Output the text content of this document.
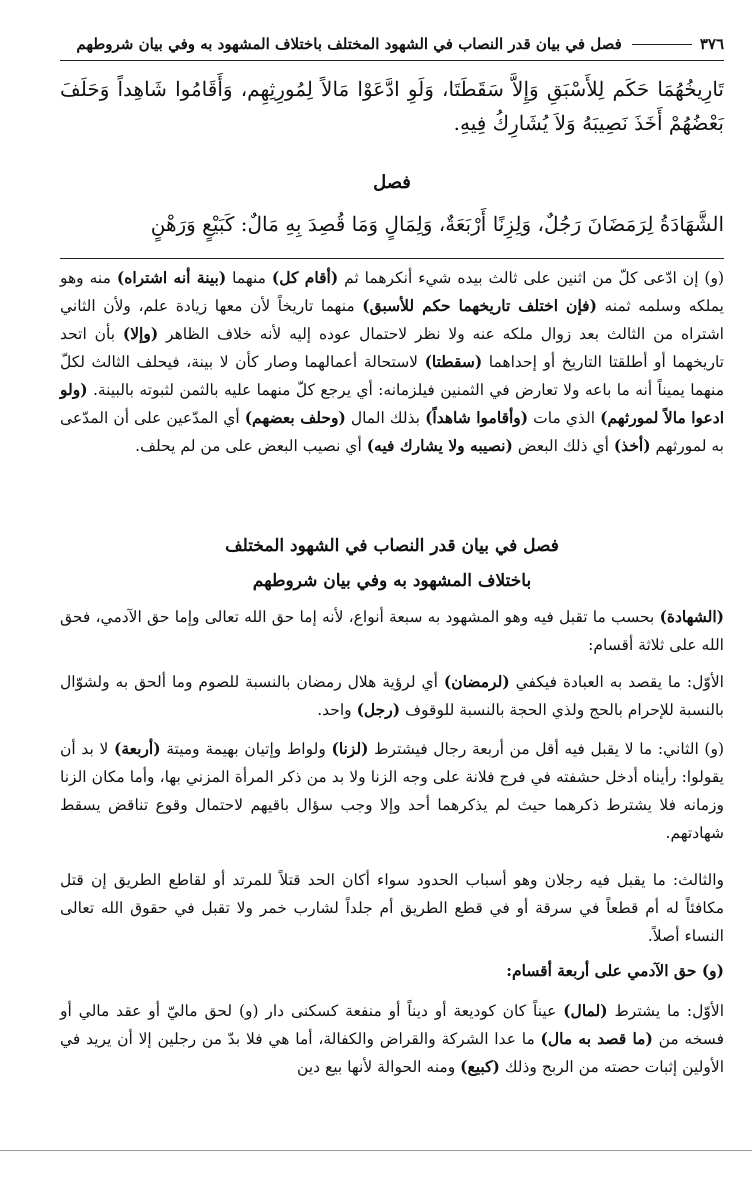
٣٧٦
فصل في بيان قدر النصاب في الشهود المختلف باختلاف المشهود به وفي بيان شروطهم
تَارِيخُهُمَا حَكَم لِلأَسْبَقِ وَإِلاَّ سَقَطَتَا، وَلَوِ ادَّعَوْا مَالاً لِمُورِثِهِم، وَأَقَامُوا شَاهِداً وَحَلَفَ بَعْضُهُمْ أَخَذَ نَصِيبَهُ وَلاَ يُشَارِكُ فِيهِ.
فصل
الشَّهَادَةُ لِرَمَضَانَ رَجُلٌ، وَلِزِنًا أَرْبَعَةٌ، وَلِمَالٍ وَمَا قُصِدَ بِهِ مَالٌ: كَبَيْعٍ وَرَهْنٍ
(و) إن ادّعى كلّ من اثنين على ثالث بيده شيء أنكرهما ثم (أقام كل) منهما (بينة أنه اشتراه) منه وهو يملكه وسلمه ثمنه (فإن اختلف تاريخهما حكم للأسبق) منهما تاريخاً لأن معها زيادة علم، ولأن الثاني اشتراه من الثالث بعد زوال ملكه عنه ولا نظر لاحتمال عوده إليه لأنه خلاف الظاهر (وإلا) بأن اتحد تاريخهما أو أطلقتا التاريخ أو إحداهما (سقطتا) لاستحالة أعمالهما وصار كأن لا بينة، فيحلف الثالث لكلّ منهما يميناً أنه ما باعه ولا تعارض في الثمنين فيلزمانه: أي يرجع كلّ منهما عليه بالثمن لثبوته بالبينة. (ولو ادعوا مالاً لمورثهم) الذي مات (وأقاموا شاهداً) بذلك المال (وحلف بعضهم) أي المدّعين على أن المدّعى به لمورثهم (أخذ) أي ذلك البعض (نصيبه ولا يشارك فيه) أي نصيب البعض على من لم يحلف.
فصل في بيان قدر النصاب في الشهود المختلف
باختلاف المشهود به وفي بيان شروطهم
(الشهادة) بحسب ما تقبل فيه وهو المشهود به سبعة أنواع، لأنه إما حق الله تعالى وإما حق الآدمي، فحق الله على ثلاثة أقسام:
الأوّل: ما يقصد به العبادة فيكفي (لرمضان) أي لرؤية هلال رمضان بالنسبة للصوم وما ألحق به ولشوّال بالنسبة للإحرام بالحج ولذي الحجة بالنسبة للوقوف (رجل) واحد.
(و) الثاني: ما لا يقبل فيه أقل من أربعة رجال فيشترط (لزنا) ولواط وإتيان بهيمة وميتة (أربعة) لا بد أن يقولوا: رأيناه أدخل حشفته في فرج فلانة على وجه الزنا ولا بد من ذكر المرأة المزني بها، وأما مكان الزنا وزمانه فلا يشترط ذكرهما حيث لم يذكرهما أحد وإلا وجب سؤال باقيهم لاحتمال وقوع تناقض يسقط شهادتهم.
والثالث: ما يقبل فيه رجلان وهو أسباب الحدود سواء أكان الحد قتلاً للمرتد أو لقاطع الطريق إن قتل مكافئاً له أم قطعاً في سرقة أو في قطع الطريق أم جلداً لشارب خمر ولا تقبل في حقوق الله تعالى النساء أصلاً.
(و) حق الآدمي على أربعة أقسام:
الأوّل: ما يشترط (لمال) عيناً كان كوديعة أو ديناً أو منفعة كسكنى دار (و) لحق ماليّ أو عقد مالي أو فسخه من (ما قصد به مال) ما عدا الشركة والقراض والكفالة، أما هي فلا بدّ من رجلين إلا أن يريد في الأولين إثبات حصته من الربح وذلك (كبيع) ومنه الحوالة لأنها بيع دين
